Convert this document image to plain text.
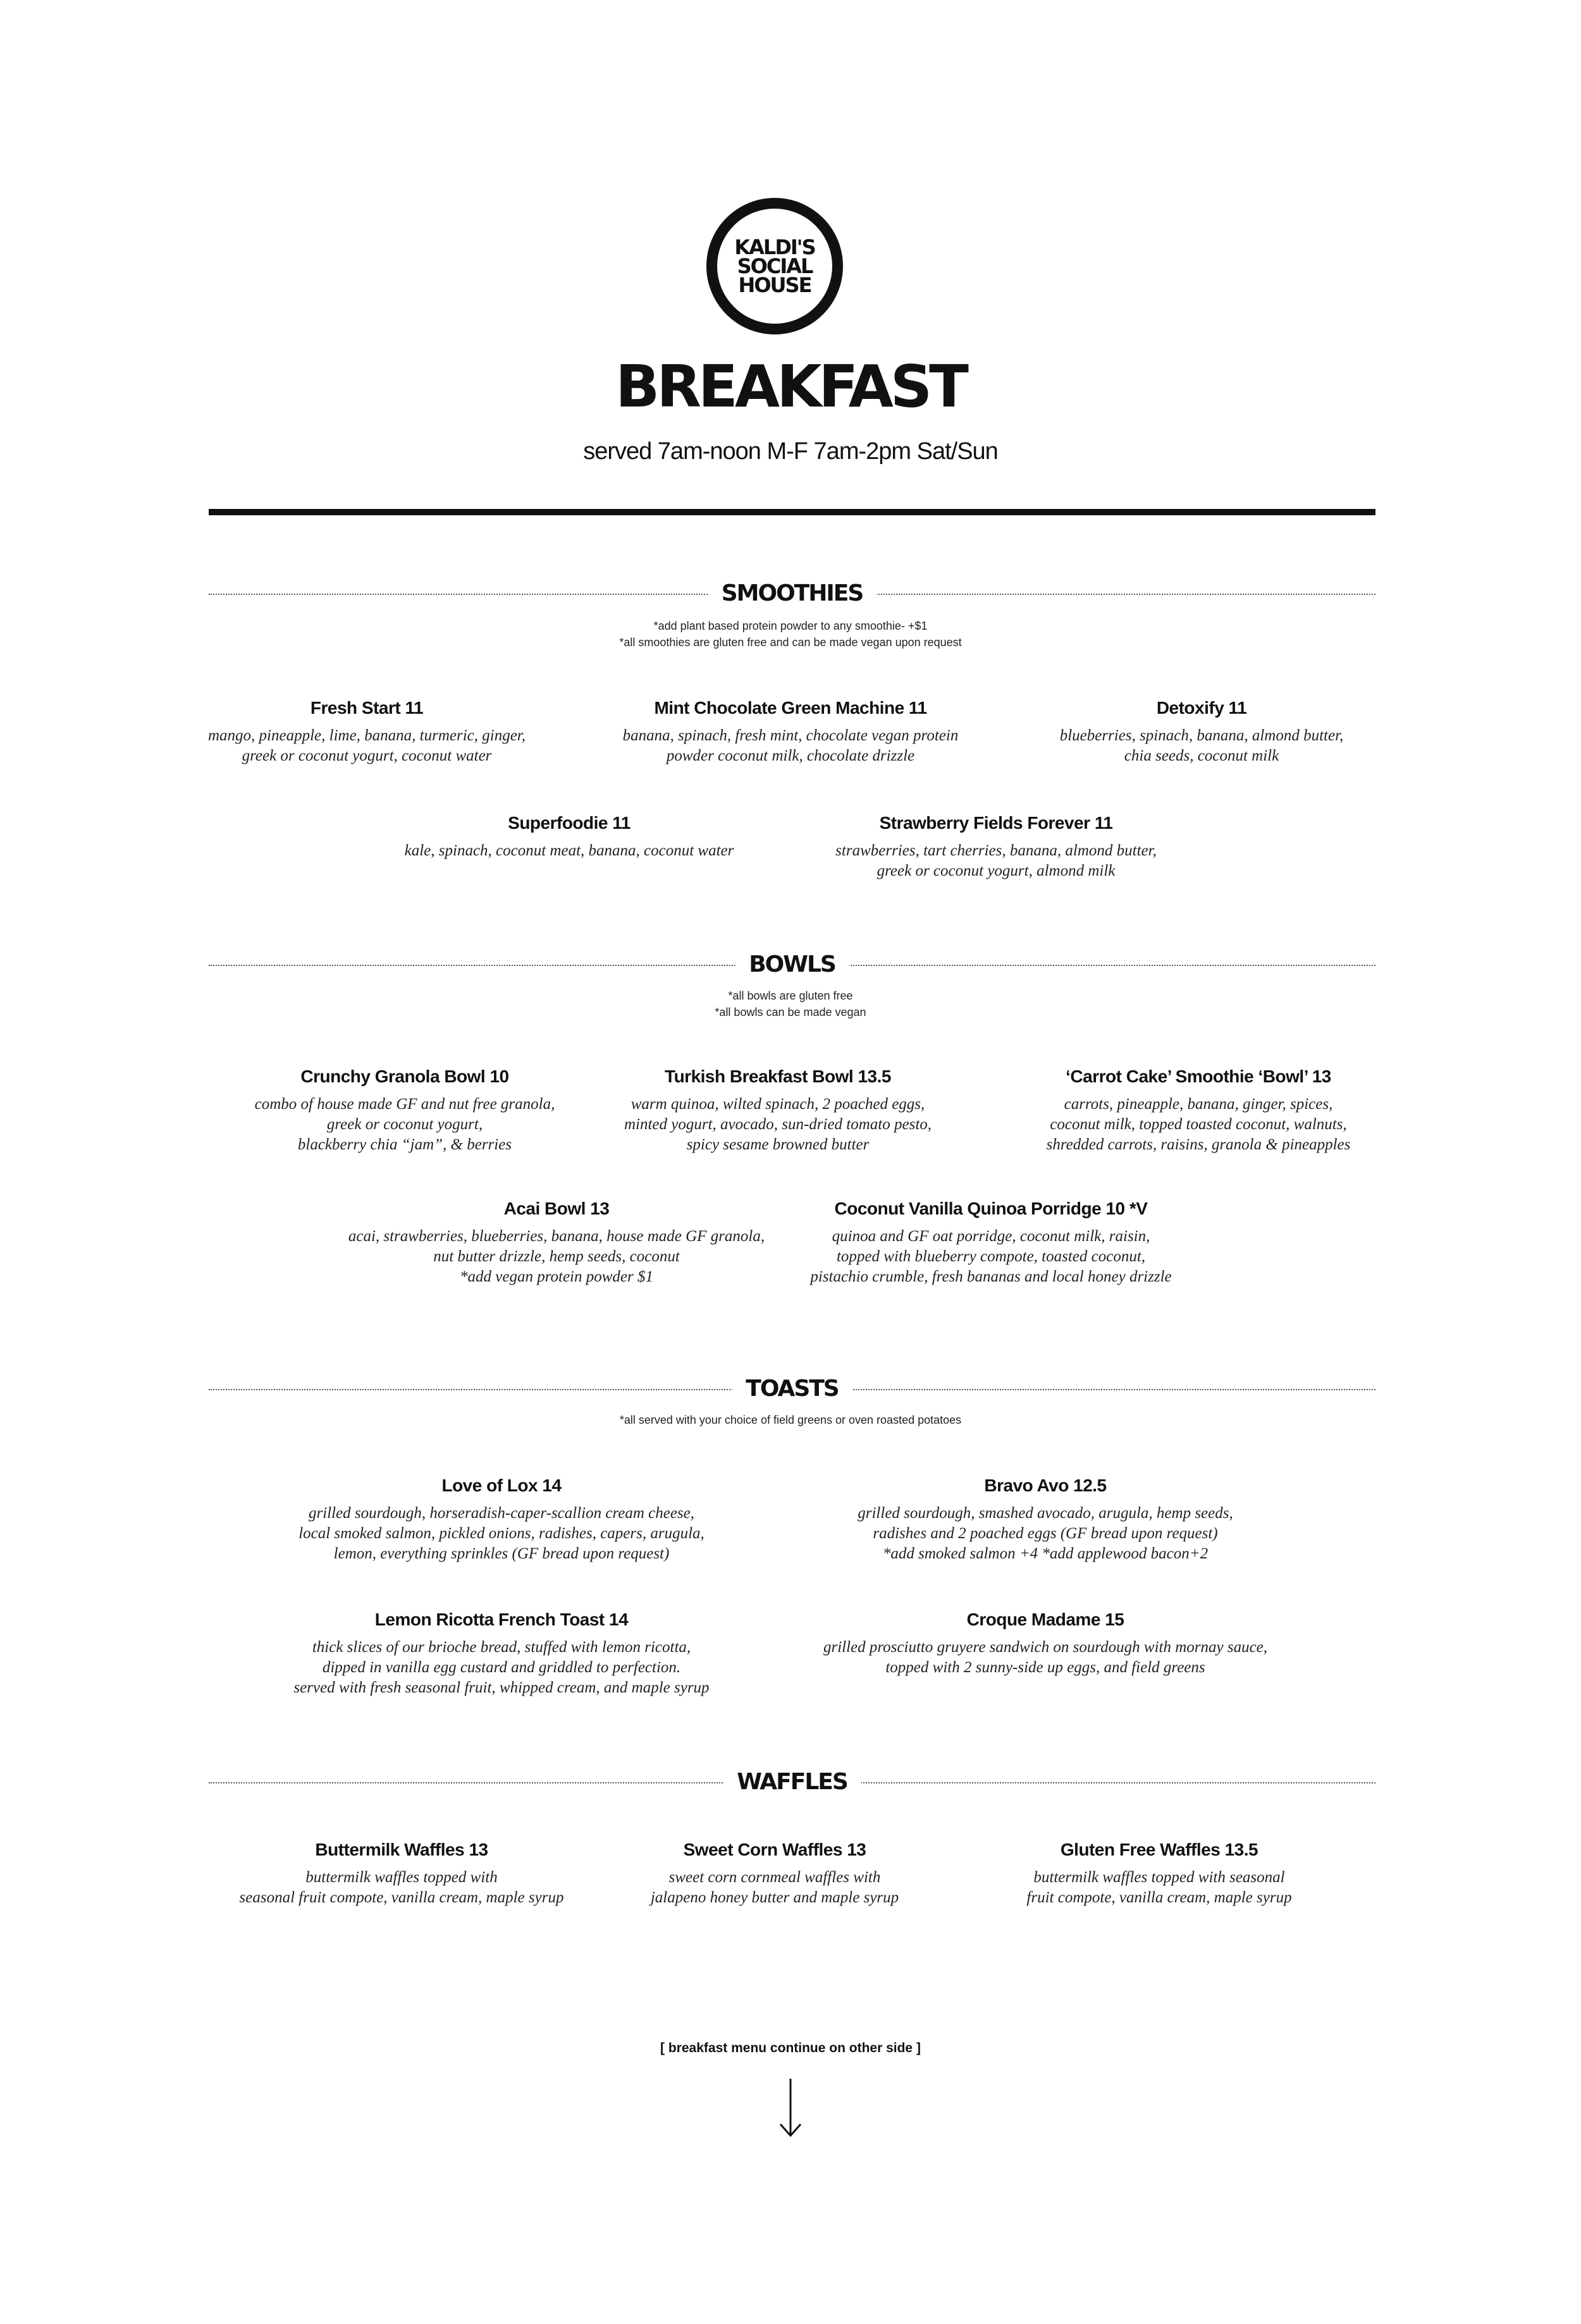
KALDI'S
SOCIAL
HOUSE
BREAKFAST
served 7am-noon M-F 7am-2pm Sat/Sun
SMOOTHIES
*add plant based protein powder to any smoothie- +$1
*all smoothies are gluten free and can be made vegan upon request
Fresh Start 11
mango, pineapple, lime, banana, turmeric, ginger,
greek or coconut yogurt, coconut water
Mint Chocolate Green Machine 11
banana, spinach, fresh mint, chocolate vegan protein
powder coconut milk, chocolate drizzle
Detoxify 11
blueberries, spinach, banana, almond butter,
chia seeds, coconut milk
Superfoodie 11
kale, spinach, coconut meat, banana, coconut water
Strawberry Fields Forever 11
strawberries, tart cherries, banana, almond butter,
greek or coconut yogurt, almond milk
BOWLS
*all bowls are gluten free
*all bowls can be made vegan
Crunchy Granola Bowl 10
combo of house made GF and nut free granola,
greek or coconut yogurt,
blackberry chia “jam”, & berries
Turkish Breakfast Bowl 13.5
warm quinoa, wilted spinach, 2 poached eggs,
minted yogurt, avocado, sun-dried tomato pesto,
spicy sesame browned butter
‘Carrot Cake’ Smoothie ‘Bowl’ 13
carrots, pineapple, banana, ginger, spices,
coconut milk, topped toasted coconut, walnuts,
shredded carrots, raisins, granola & pineapples
Acai Bowl 13
acai, strawberries, blueberries, banana, house made GF granola,
nut butter drizzle, hemp seeds, coconut
*add vegan protein powder $1
Coconut Vanilla Quinoa Porridge 10 *V
quinoa and GF oat porridge, coconut milk, raisin,
topped with blueberry compote, toasted coconut,
pistachio crumble, fresh bananas and local honey drizzle
TOASTS
*all served with your choice of field greens or oven roasted potatoes
Love of Lox 14
grilled sourdough, horseradish-caper-scallion cream cheese,
local smoked salmon, pickled onions, radishes, capers, arugula,
lemon, everything sprinkles (GF bread upon request)
Bravo Avo 12.5
grilled sourdough, smashed avocado, arugula, hemp seeds,
radishes and 2 poached eggs (GF bread upon request)
*add smoked salmon +4 *add applewood bacon+2
Lemon Ricotta French Toast 14
thick slices of our brioche bread, stuffed with lemon ricotta,
dipped in vanilla egg custard and griddled to perfection.
served with fresh seasonal fruit, whipped cream, and maple syrup
Croque Madame 15
grilled prosciutto gruyere sandwich on sourdough with mornay sauce,
topped with 2 sunny-side up eggs, and field greens
WAFFLES
Buttermilk Waffles 13
buttermilk waffles topped with
seasonal fruit compote, vanilla cream, maple syrup
Sweet Corn Waffles 13
sweet corn cornmeal waffles with
jalapeno honey butter and maple syrup
Gluten Free Waffles 13.5
buttermilk waffles topped with seasonal
fruit compote, vanilla cream, maple syrup
[ breakfast menu continue on other side ]
